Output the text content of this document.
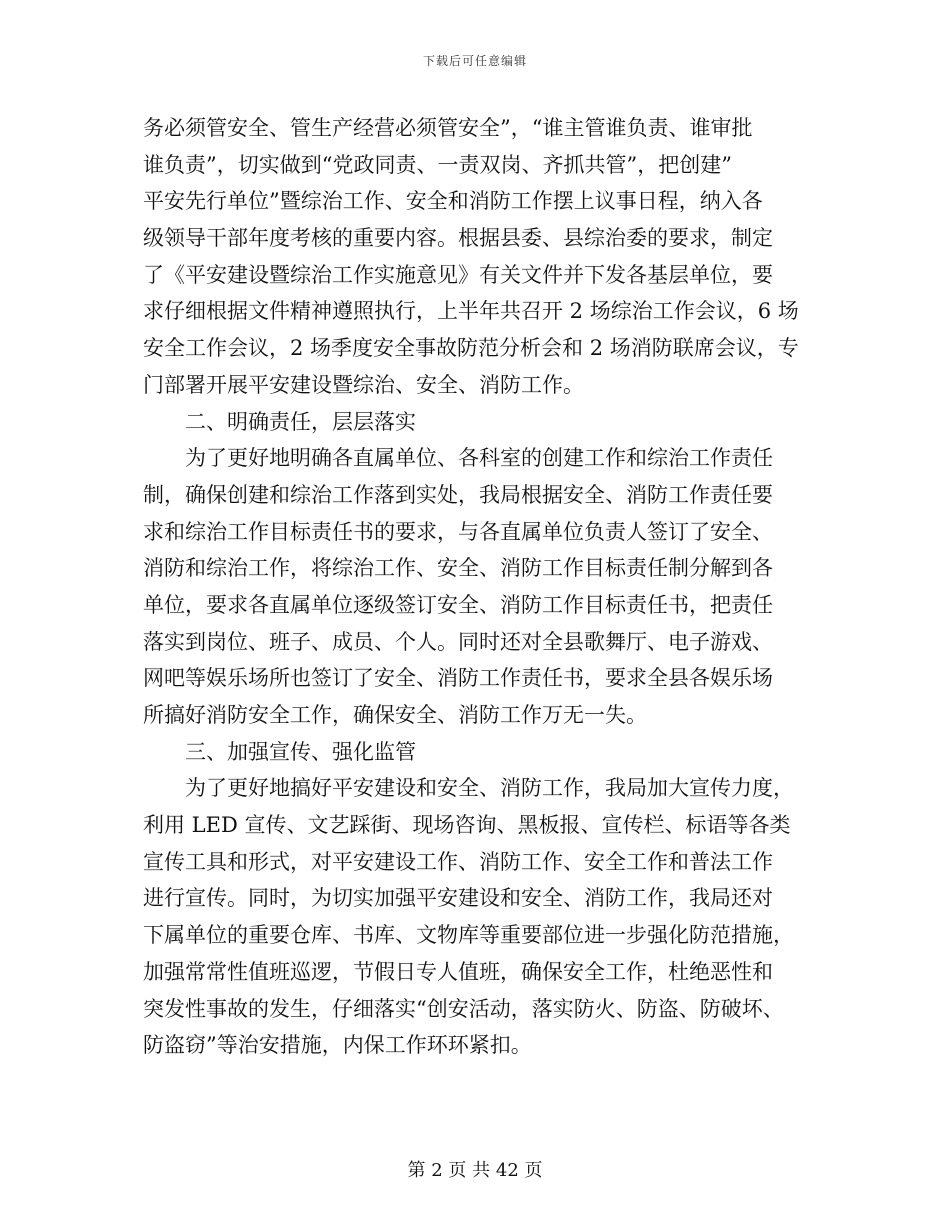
下载后可任意编辑
务必须管安全、管生产经营必须管安全”，“谁主管谁负责、谁审批
谁负责”，切实做到“党政同责、一责双岗、齐抓共管”，把创建”
平安先行单位”暨综治工作、安全和消防工作摆上议事日程，纳入各
级领导干部年度考核的重要内容。根据县委、县综治委的要求，制定
了《平安建设暨综治工作实施意见》有关文件并下发各基层单位，要
求仔细根据文件精神遵照执行，上半年共召开 2 场综治工作会议，6 场
安全工作会议，2 场季度安全事故防范分析会和 2 场消防联席会议，专
门部署开展平安建设暨综治、安全、消防工作。
二、明确责任，层层落实
为了更好地明确各直属单位、各科室的创建工作和综治工作责任
制，确保创建和综治工作落到实处，我局根据安全、消防工作责任要
求和综治工作目标责任书的要求，与各直属单位负责人签订了安全、
消防和综治工作，将综治工作、安全、消防工作目标责任制分解到各
单位，要求各直属单位逐级签订安全、消防工作目标责任书，把责任
落实到岗位、班子、成员、个人。同时还对全县歌舞厅、电子游戏、
网吧等娱乐场所也签订了安全、消防工作责任书，要求全县各娱乐场
所搞好消防安全工作，确保安全、消防工作万无一失。
三、加强宣传、强化监管
为了更好地搞好平安建设和安全、消防工作，我局加大宣传力度，
利用 LED 宣传、文艺踩街、现场咨询、黑板报、宣传栏、标语等各类
宣传工具和形式，对平安建设工作、消防工作、安全工作和普法工作
进行宣传。同时，为切实加强平安建设和安全、消防工作，我局还对
下属单位的重要仓库、书库、文物库等重要部位进一步强化防范措施，
加强常常性值班巡逻，节假日专人值班，确保安全工作，杜绝恶性和
突发性事故的发生，仔细落实“创安活动，落实防火、防盗、防破坏、
防盗窃”等治安措施，内保工作环环紧扣。
第 2 页 共 42 页
